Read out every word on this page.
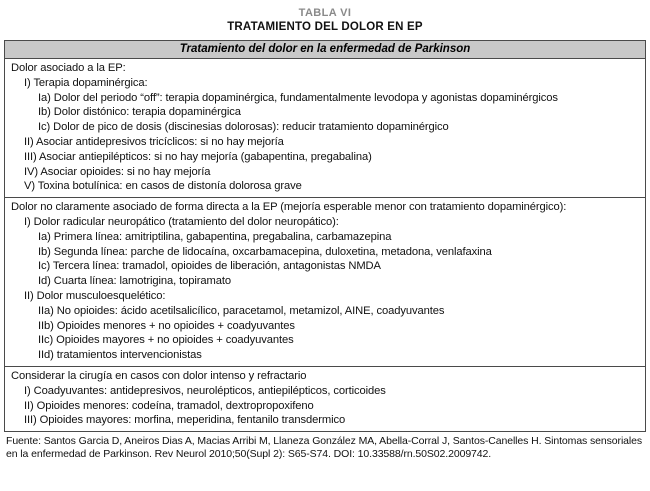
TABLA VI
TRATAMIENTO DEL DOLOR EN EP
Tratamiento del dolor en la enfermedad de Parkinson
Dolor asociado a la EP:
I) Terapia dopaminérgica:
Ia) Dolor del periodo “off”: terapia dopaminérgica, fundamentalmente levodopa y agonistas dopaminérgicos
Ib) Dolor distónico: terapia dopaminérgica
Ic) Dolor de pico de dosis (discinesias dolorosas): reducir tratamiento dopaminérgico
II) Asociar antidepresivos tricíclicos: si no hay mejoría
III) Asociar antiepilépticos: si no hay mejoría (gabapentina, pregabalina)
IV) Asociar opioides: si no hay mejoría
V) Toxina botulínica: en casos de distonía dolorosa grave
Dolor no claramente asociado de forma directa a la EP (mejoría esperable menor con tratamiento dopaminérgico):
I) Dolor radicular neuropático (tratamiento del dolor neuropático):
Ia) Primera línea: amitriptilina, gabapentina, pregabalina, carbamazepina
Ib) Segunda línea: parche de lidocaína, oxcarbamacepina, duloxetina, metadona, venlafaxina
Ic) Tercera línea: tramadol, opioides de liberación, antagonistas NMDA
Id) Cuarta línea: lamotrigina, topiramato
II) Dolor musculoesquelético:
IIa) No opioides: ácido acetilsalicílico, paracetamol, metamizol, AINE, coadyuvantes
IIb) Opioides menores + no opioides + coadyuvantes
IIc) Opioides mayores + no opioides + coadyuvantes
IId) tratamientos intervencionistas
Considerar la cirugía en casos con dolor intenso y refractario
I) Coadyuvantes: antidepresivos, neurolépticos, antiepilépticos, corticoides
II) Opioides menores: codeína, tramadol, dextropropoxifeno
III) Opioides mayores: morfina, meperidina, fentanilo transdermico
Fuente: Santos Garcia D, Aneiros Dias A, Macias Arribi M, Llaneza González MA, Abella-Corral J, Santos-Canelles H. Sintomas sensoriales en la enfermedad de Parkinson. Rev Neurol 2010;50(Supl 2): S65-S74. DOI: 10.33588/rn.50S02.2009742.
